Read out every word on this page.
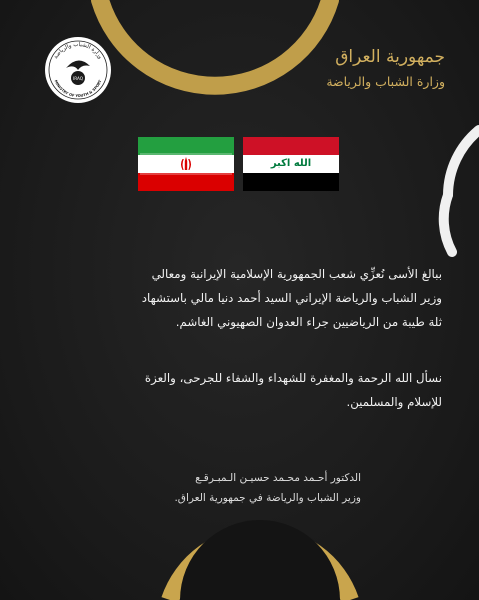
وزارة الشباب والرياضة
MINISTRY OF YOUTH & SPORT
IRAQ
جمهورية العراق
وزارة الشباب والرياضة
الله اكبر
ببالغ الأسى نُعزِّي شعب الجمهورية الإسلامية الإيرانية ومعالي
وزير الشباب والرياضة الإيراني السيد أحمد دنيا مالي باستشهاد
ثلة طيبة من الرياضيين جراء العدوان الصهيوني الغاشم.
نسأل الله الرحمة والمغفرة للشهداء والشفاء للجرحى، والعزة
للإسلام والمسلمين.
الدكتور أحـمد محـمد حسيـن الـمبـرقـع
وزير الشباب والرياضة في جمهورية العراق.
